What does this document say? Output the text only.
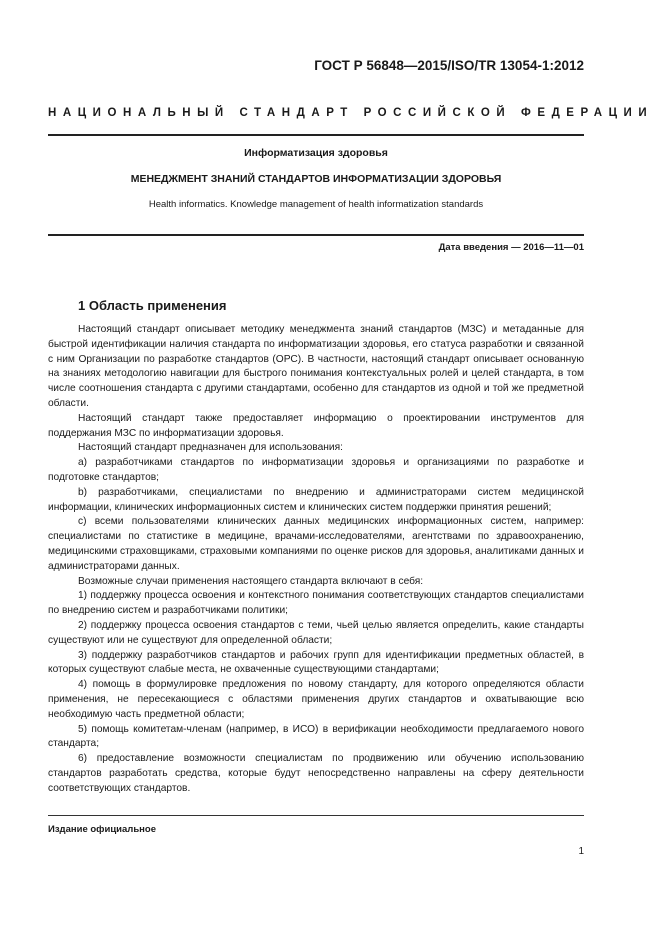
ГОСТ Р 56848—2015/ISO/TR 13054-1:2012
НАЦИОНАЛЬНЫЙ СТАНДАРТ РОССИЙСКОЙ ФЕДЕРАЦИИ
Информатизация здоровья
МЕНЕДЖМЕНТ ЗНАНИЙ СТАНДАРТОВ ИНФОРМАТИЗАЦИИ ЗДОРОВЬЯ
Health informatics. Knowledge management of health informatization standards
Дата введения — 2016—11—01
1 Область применения

Настоящий стандарт описывает методику менеджмента знаний стандартов (МЗС) и метаданные для быстрой идентификации наличия стандарта по информатизации здоровья, его статуса разработки и связанной с ним Организации по разработке стандартов (ОРС). В частности, настоящий стандарт описывает основанную на знаниях методологию навигации для быстрого понимания контекстуальных ролей и целей стандарта, в том числе соотношения стандарта с другими стандартами, особенно для стандартов из одной и той же предметной области.

Настоящий стандарт также предоставляет информацию о проектировании инструментов для поддержания МЗС по информатизации здоровья.

Настоящий стандарт предназначен для использования:

а) разработчиками стандартов по информатизации здоровья и организациями по разработке и подготовке стандартов;

b) разработчиками, специалистами по внедрению и администраторами систем медицинской информации, клинических информационных систем и клинических систем поддержки принятия решений;

c) всеми пользователями клинических данных медицинских информационных систем, например: специалистами по статистике в медицине, врачами-исследователями, агентствами по здравоохранению, медицинскими страховщиками, страховыми компаниями по оценке рисков для здоровья, аналитиками данных и администраторами данных.

Возможные случаи применения настоящего стандарта включают в себя:

1) поддержку процесса освоения и контекстного понимания соответствующих стандартов специалистами по внедрению систем и разработчиками политики;

2) поддержку процесса освоения стандартов с теми, чьей целью является определить, какие стандарты существуют или не существуют для определенной области;

3) поддержку разработчиков стандартов и рабочих групп для идентификации предметных областей, в которых существуют слабые места, не охваченные существующими стандартами;

4) помощь в формулировке предложения по новому стандарту, для которого определяются области применения, не пересекающиеся с областями применения других стандартов и охватывающие всю необходимую часть предметной области;

5) помощь комитетам-членам (например, в ИСО) в верификации необходимости предлагаемого нового стандарта;

6) предоставление возможности специалистам по продвижению или обучению использованию стандартов разработать средства, которые будут непосредственно направлены на сферу деятельности соответствующих стандартов.

Издание официальное
1
